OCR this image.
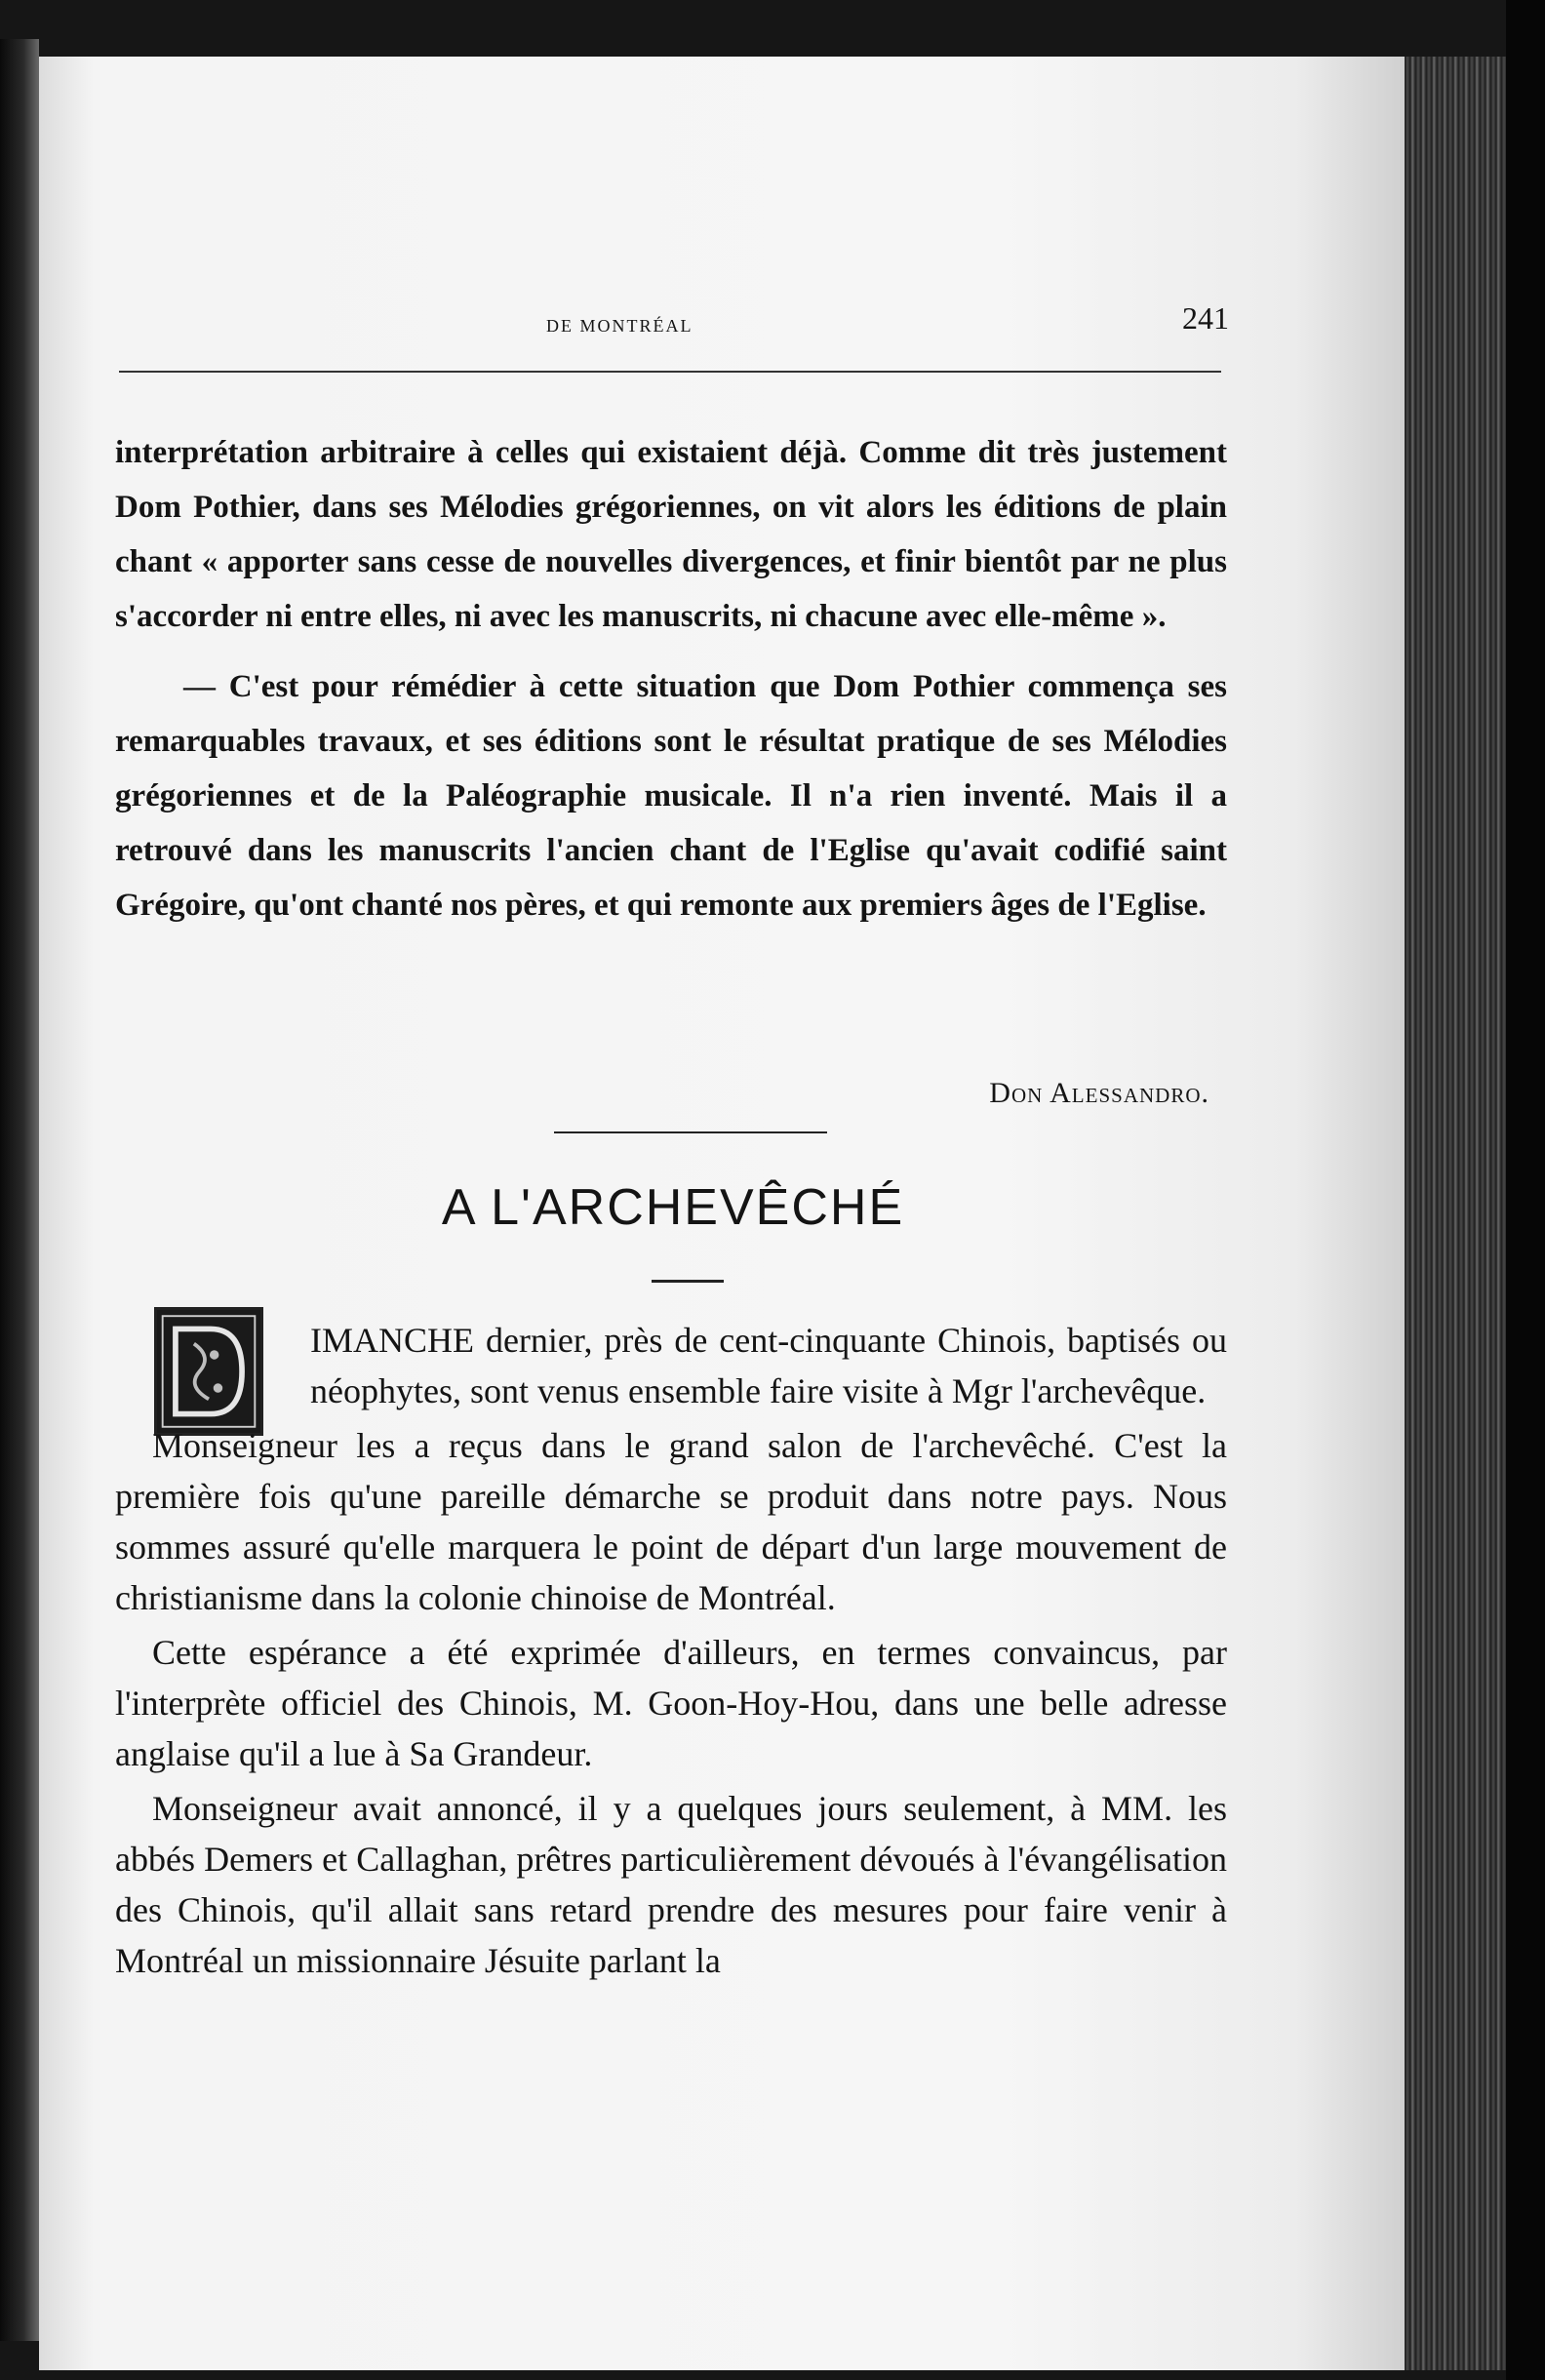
DE MONTRÉAL	241

interprétation arbitraire à celles qui existaient déjà. Comme dit très justement Dom Pothier, dans ses Mélodies grégoriennes, on vit alors les éditions de plain chant « apporter sans cesse de nouvelles divergences, et finir bientôt par ne plus s'accorder ni entre elles, ni avec les manuscrits, ni chacune avec elle-même ».

— C'est pour rémédier à cette situation que Dom Pothier commença ses remarquables travaux, et ses éditions sont le résultat pratique de ses Mélodies grégoriennes et de la Paléographie musicale. Il n'a rien inventé. Mais il a retrouvé dans les manuscrits l'ancien chant de l'Eglise qu'avait codifié saint Grégoire, qu'ont chanté nos pères, et qui remonte aux premiers âges de l'Eglise.

Don Alessandro.
A L'ARCHEVÊCHÉ
D

IMANCHE dernier, près de cent-cinquante Chinois, baptisés ou néophytes, sont venus ensemble faire visite à Mgr l'archevêque.

Monseigneur les a reçus dans le grand salon de l'archevêché. C'est la première fois qu'une pareille démarche se produit dans notre pays. Nous sommes assuré qu'elle marquera le point de départ d'un large mouvement de christianisme dans la colonie chinoise de Montréal.

Cette espérance a été exprimée d'ailleurs, en termes convaincus, par l'interprète officiel des Chinois, M. Goon-Hoy-Hou, dans une belle adresse anglaise qu'il a lue à Sa Grandeur.

Monseigneur avait annoncé, il y a quelques jours seulement, à MM. les abbés Demers et Callaghan, prêtres particulièrement dévoués à l'évangélisation des Chinois, qu'il allait sans retard prendre des mesures pour faire venir à Montréal un missionnaire Jésuite parlant la
